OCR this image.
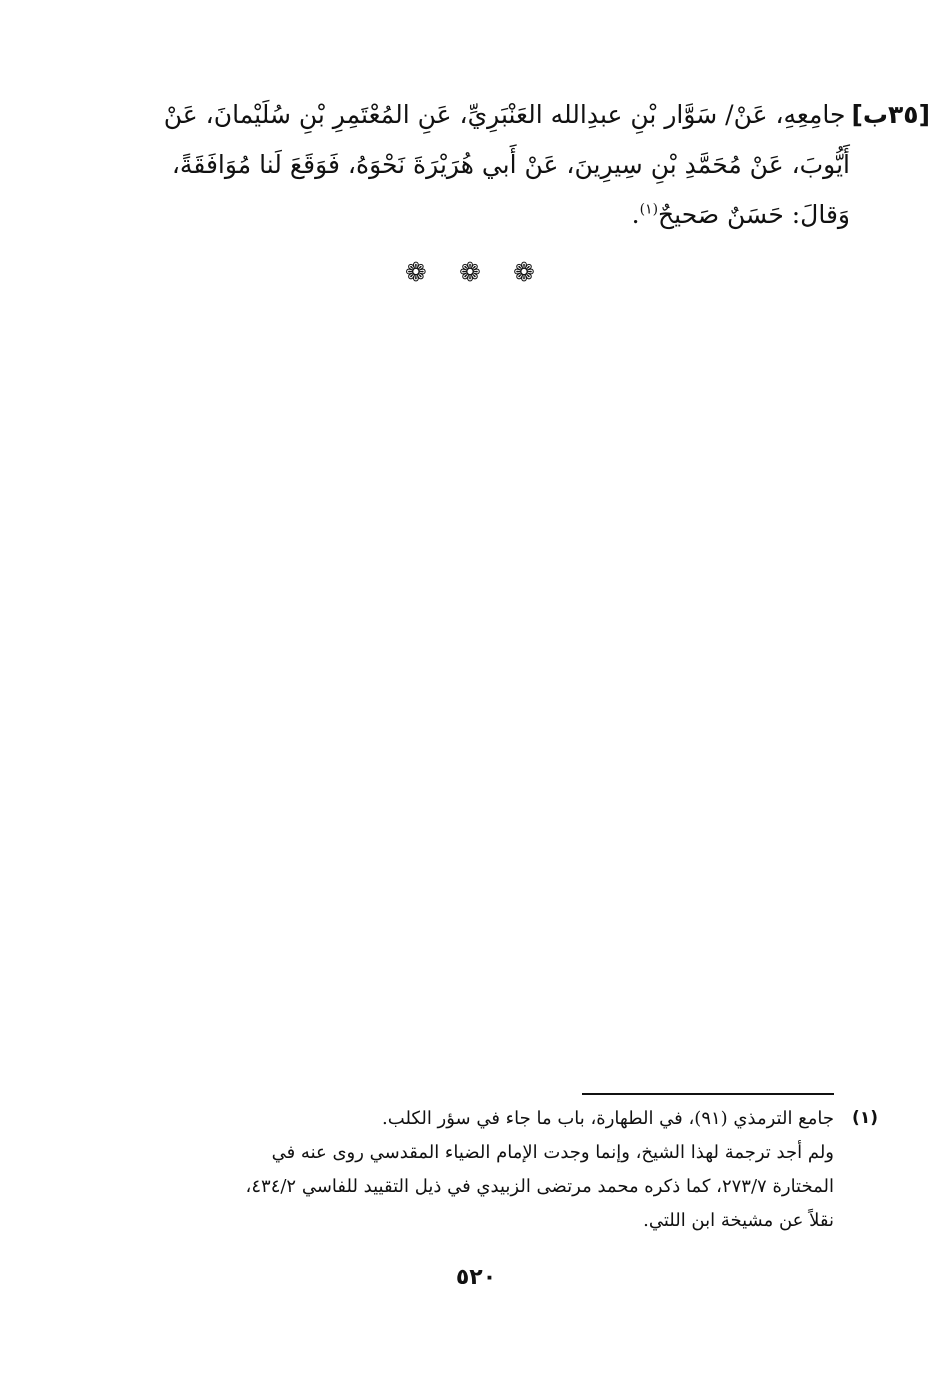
[٣٥ب]جامِعِهِ، عَنْ/ سَوَّار بْنِ عبدِالله العَنْبَرِيِّ، عَنِ المُعْتَمِرِ بْنِ سُلَيْمانَ، عَنْ
أَيُّوبَ، عَنْ مُحَمَّدِ بْنِ سِيرِينَ، عَنْ أَبي هُرَيْرَةَ نَحْوَهُ، فَوَقَعَ لَنا مُوَافَقَةً،
وَقالَ: حَسَنٌ صَحيحٌ$^{(١)}$.
❁ ❁ ❁
(١)
جامع الترمذي (٩١)، في الطهارة، باب ما جاء في سؤر الكلب.
ولم أجد ترجمة لهذا الشيخ، وإنما وجدت الإمام الضياء المقدسي روى عنه في
المختارة ٢٧٣/٧، كما ذكره محمد مرتضى الزبيدي في ذيل التقييد للفاسي ٤٣٤/٢،
نقلاً عن مشيخة ابن اللتي.
٥٢٠
